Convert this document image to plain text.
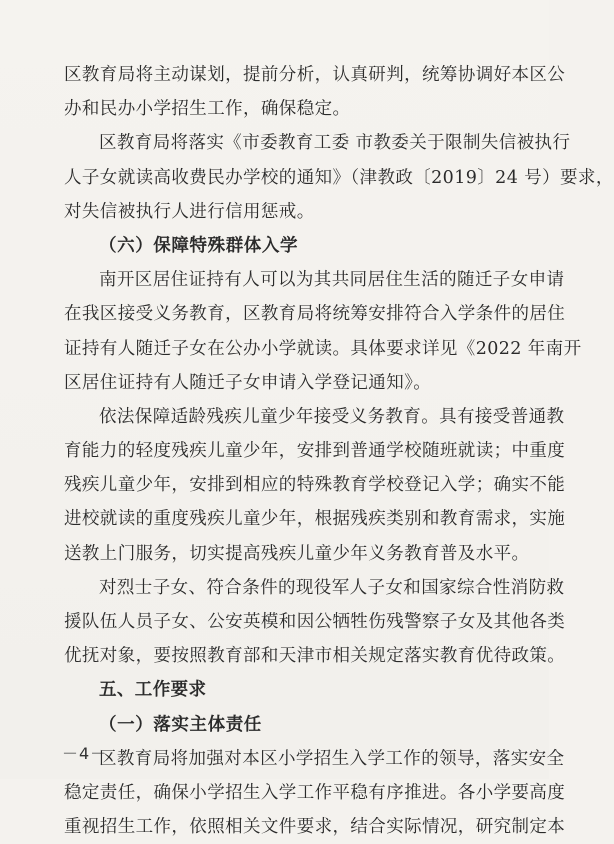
区教育局将主动谋划，提前分析，认真研判，统筹协调好本区公
办和民办小学招生工作，确保稳定。
区教育局将落实《市委教育工委 市教委关于限制失信被执行
人子女就读高收费民办学校的通知》（津教政〔2019〕24 号）要求，
对失信被执行人进行信用惩戒。
（六）保障特殊群体入学
南开区居住证持有人可以为其共同居住生活的随迁子女申请
在我区接受义务教育，区教育局将统筹安排符合入学条件的居住
证持有人随迁子女在公办小学就读。具体要求详见《2022 年南开
区居住证持有人随迁子女申请入学登记通知》。
依法保障适龄残疾儿童少年接受义务教育。具有接受普通教
育能力的轻度残疾儿童少年，安排到普通学校随班就读；中重度
残疾儿童少年，安排到相应的特殊教育学校登记入学；确实不能
进校就读的重度残疾儿童少年，根据残疾类别和教育需求，实施
送教上门服务，切实提高残疾儿童少年义务教育普及水平。
对烈士子女、符合条件的现役军人子女和国家综合性消防救
援队伍人员子女、公安英模和因公牺牲伤残警察子女及其他各类
优抚对象，要按照教育部和天津市相关规定落实教育优待政策。
五、工作要求
（一）落实主体责任
区教育局将加强对本区小学招生入学工作的领导，落实安全
稳定责任，确保小学招生入学工作平稳有序推进。各小学要高度
重视招生工作，依照相关文件要求，结合实际情况，研究制定本
－4－
